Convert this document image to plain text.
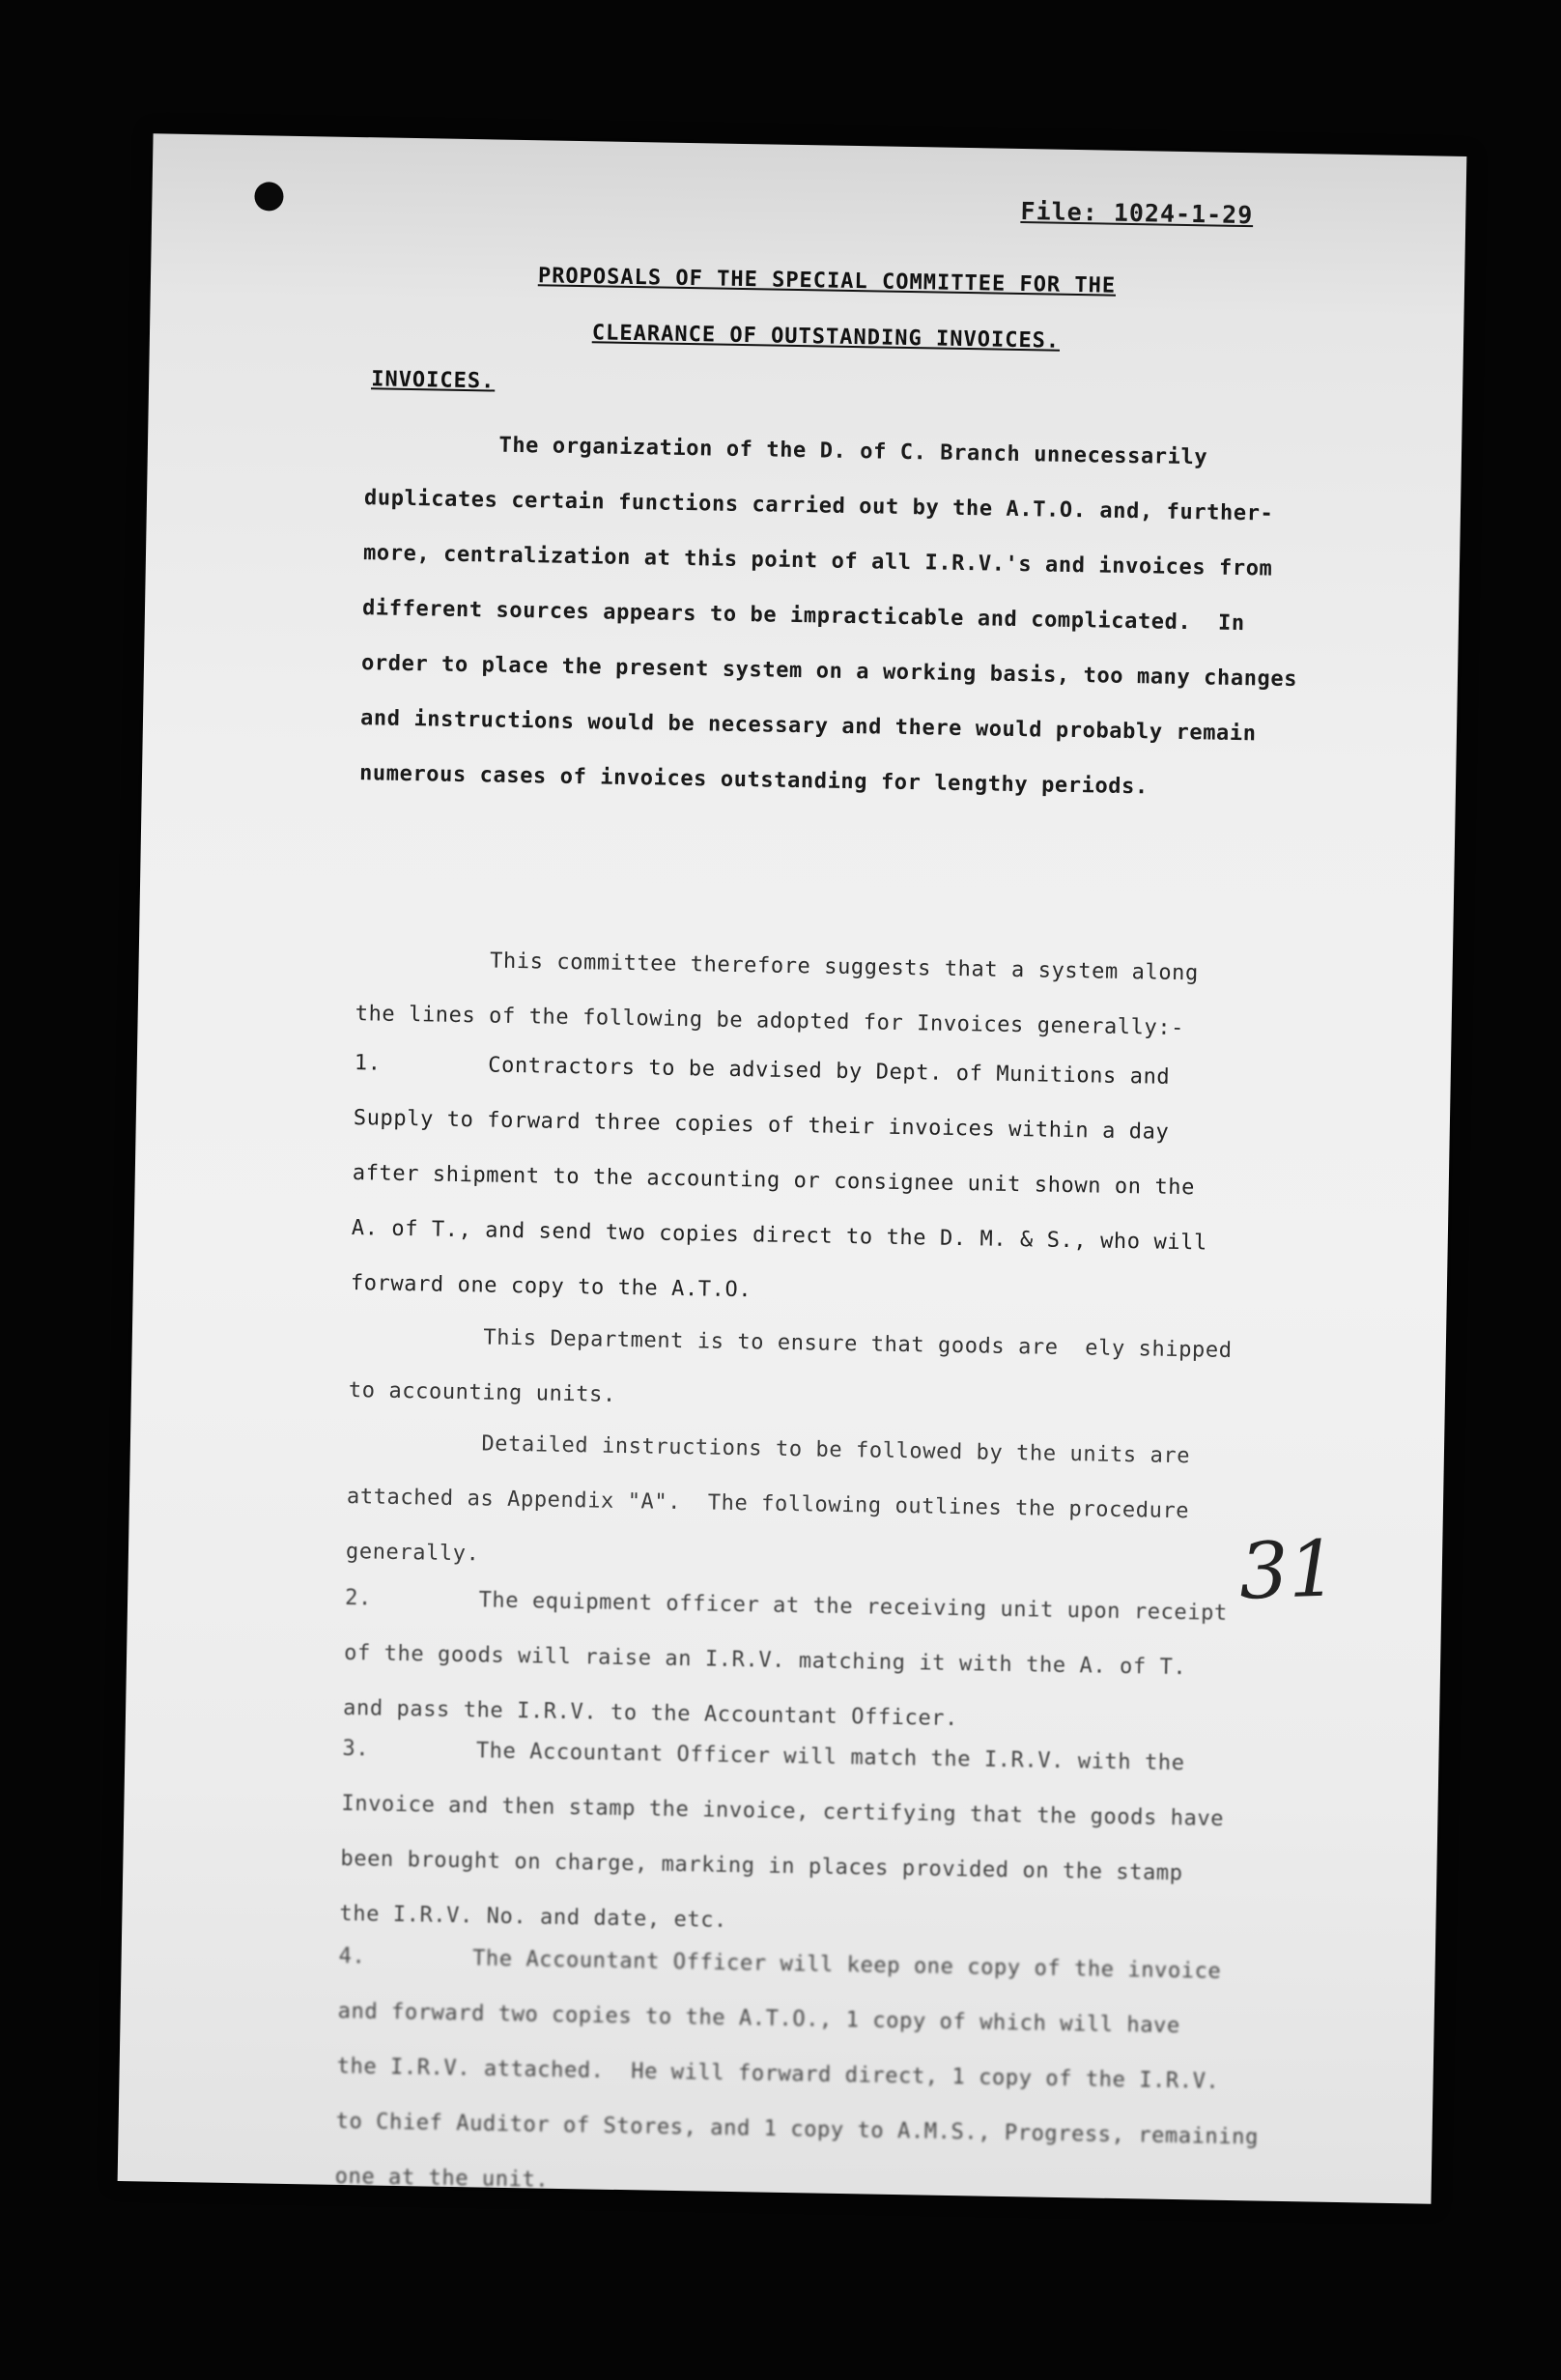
File: 1024-1-29
PROPOSALS OF THE SPECIAL COMMITTEE FOR THE
CLEARANCE OF OUTSTANDING INVOICES.
INVOICES.
The organization of the D. of C. Branch unnecessarily
duplicates certain functions carried out by the A.T.O. and, further-
more, centralization at this point of all I.R.V.'s and invoices from
different sources appears to be impracticable and complicated.  In
order to place the present system on a working basis, too many changes
and instructions would be necessary and there would probably remain
numerous cases of invoices outstanding for lengthy periods.
This committee therefore suggests that a system along
the lines of the following be adopted for Invoices generally:-
1.        Contractors to be advised by Dept. of Munitions and
Supply to forward three copies of their invoices within a day
after shipment to the accounting or consignee unit shown on the
A. of T., and send two copies direct to the D. M. & S., who will
forward one copy to the A.T.O.
This Department is to ensure that goods are  ely shipped
to accounting units.
Detailed instructions to be followed by the units are
attached as Appendix "A".  The following outlines the procedure
generally.
2.        The equipment officer at the receiving unit upon receipt
of the goods will raise an I.R.V. matching it with the A. of T.
and pass the I.R.V. to the Accountant Officer.
3.        The Accountant Officer will match the I.R.V. with the
Invoice and then stamp the invoice, certifying that the goods have
been brought on charge, marking in places provided on the stamp
the I.R.V. No. and date, etc.
4.        The Accountant Officer will keep one copy of the invoice
and forward two copies to the A.T.O., 1 copy of which will have
the I.R.V. attached.  He will forward direct, 1 copy of the I.R.V.
to Chief Auditor of Stores, and 1 copy to A.M.S., Progress, remaining
one at the unit.
31
